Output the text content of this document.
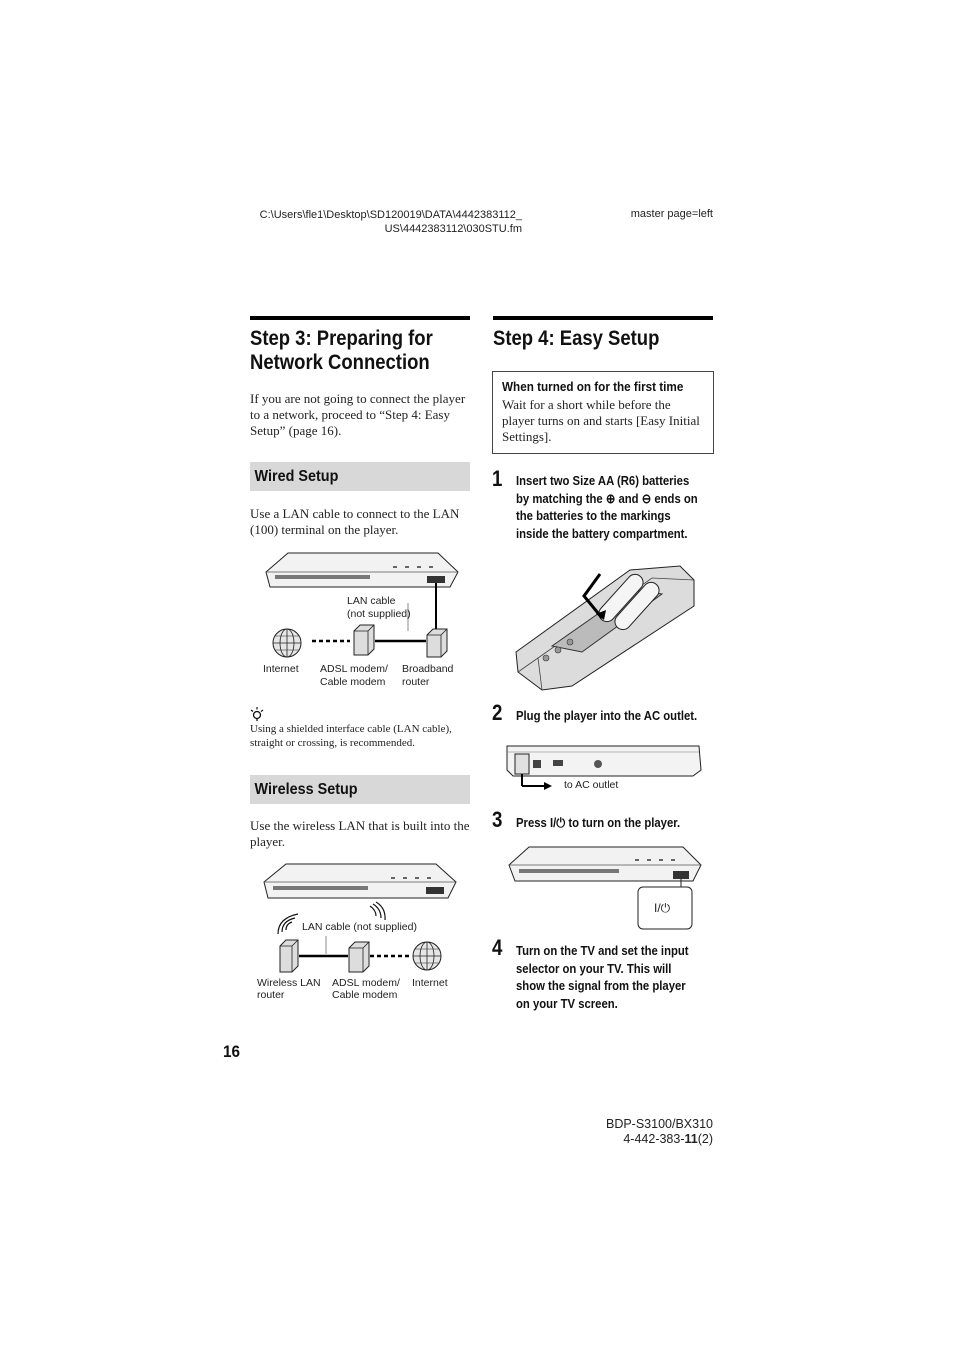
C:\Users\fle1\Desktop\SD120019\DATA\4442383112_
US\4442383112\030STU.fm
master page=left
Step 3: Preparing for
Network Connection
If you are not going to connect the player to a network, proceed to “Step 4: Easy Setup” (page 16).
Wired Setup
Use a LAN cable to connect to the LAN (100) terminal on the player.
LAN cable
(not supplied)
Internet ADSL modem/
Cable modem
Broadband
router
Using a shielded interface cable (LAN cable), straight or crossing, is recommended.
Wireless Setup
Use the wireless LAN that is built into the player.
LAN cable (not supplied)
Wireless LAN
router
ADSL modem/
Cable modem
Internet
16
Step 4: Easy Setup
When turned on for the first time
Wait for a short while before the player turns on and starts [Easy Initial Settings].
1 Insert two Size AA (R6) batteries
by matching the ⊕ and ⊖ ends on
the batteries to the markings
inside the battery compartment.
2 Plug the player into the AC outlet.
to AC outlet
3 Press I/⏻ to turn on the player.
I/⏻
4 Turn on the TV and set the input
selector on your TV. This will
show the signal from the player
on your TV screen.
BDP-S3100/BX310
4-442-383-11(2)
